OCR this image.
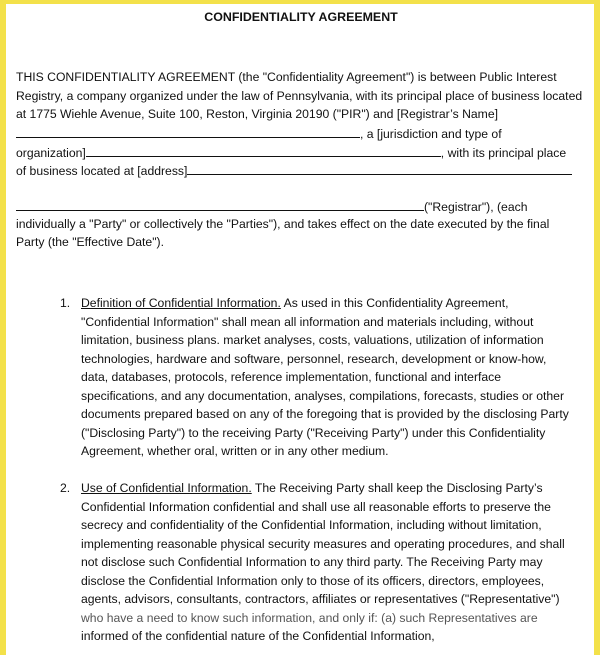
CONFIDENTIALITY AGREEMENT
THIS CONFIDENTIALITY AGREEMENT (the "Confidentiality Agreement") is between Public Interest
Registry, a company organized under the law of Pennsylvania, with its principal place of business located
at 1775 Wiehle Avenue, Suite 100, Reston, Virginia 20190 ("PIR") and [Registrar’s Name]
, a [jurisdiction and type of
organization]	, with its principal place
of business located at [address]
("Registrar"), (each
individually a "Party" or collectively the "Parties"), and takes effect on the date executed by the final
Party (the "Effective Date").
1. Definition of Confidential Information. As used in this Confidentiality Agreement,
"Confidential Information" shall mean all information and materials including, without
limitation, business plans. market analyses, costs, valuations, utilization of information
technologies, hardware and software, personnel, research, development or know-how,
data, databases, protocols, reference implementation, functional and interface
specifications, and any documentation, analyses, compilations, forecasts, studies or other
documents prepared based on any of the foregoing that is provided by the disclosing Party
("Disclosing Party") to the receiving Party ("Receiving Party") under this Confidentiality
Agreement, whether oral, written or in any other medium.
2. Use of Confidential Information. The Receiving Party shall keep the Disclosing Party’s
Confidential Information confidential and shall use all reasonable efforts to preserve the
secrecy and confidentiality of the Confidential Information, including without limitation,
implementing reasonable physical security measures and operating procedures, and shall
not disclose such Confidential Information to any third party. The Receiving Party may
disclose the Confidential Information only to those of its officers, directors, employees,
agents, advisors, consultants, contractors, affiliates or representatives ("Representative")
who have a need to know such information, and only if: (a) such Representatives are
informed of the confidential nature of the Confidential Information,
